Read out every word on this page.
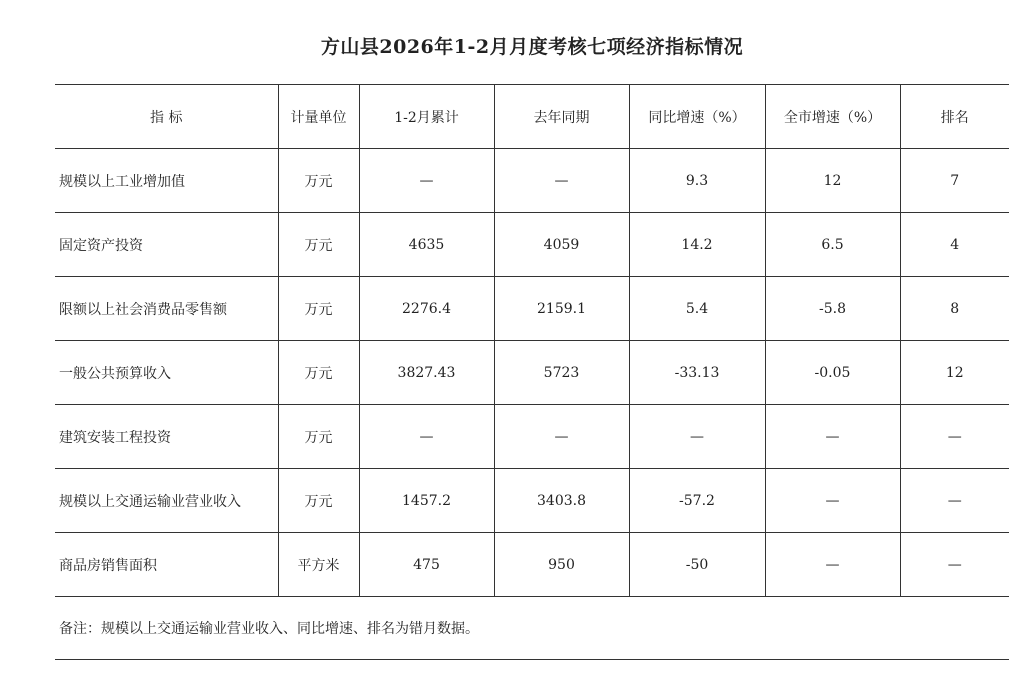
方山县2026年1-2月月度考核七项经济指标情况
指 标	计量单位	1-2月累计	去年同期	同比增速（%）	全市增速（%）	排名
规模以上工业增加值	万元	—	—	9.3	12	7
固定资产投资	万元	4635	4059	14.2	6.5	4
限额以上社会消费品零售额	万元	2276.4	2159.1	5.4	-5.8	8
一般公共预算收入	万元	3827.43	5723	-33.13	-0.05	12
建筑安装工程投资	万元	—	—	—	—	—
规模以上交通运输业营业收入	万元	1457.2	3403.8	-57.2	—	—
商品房销售面积	平方米	475	950	-50	—	—
备注：规模以上交通运输业营业收入、同比增速、排名为错月数据。						
